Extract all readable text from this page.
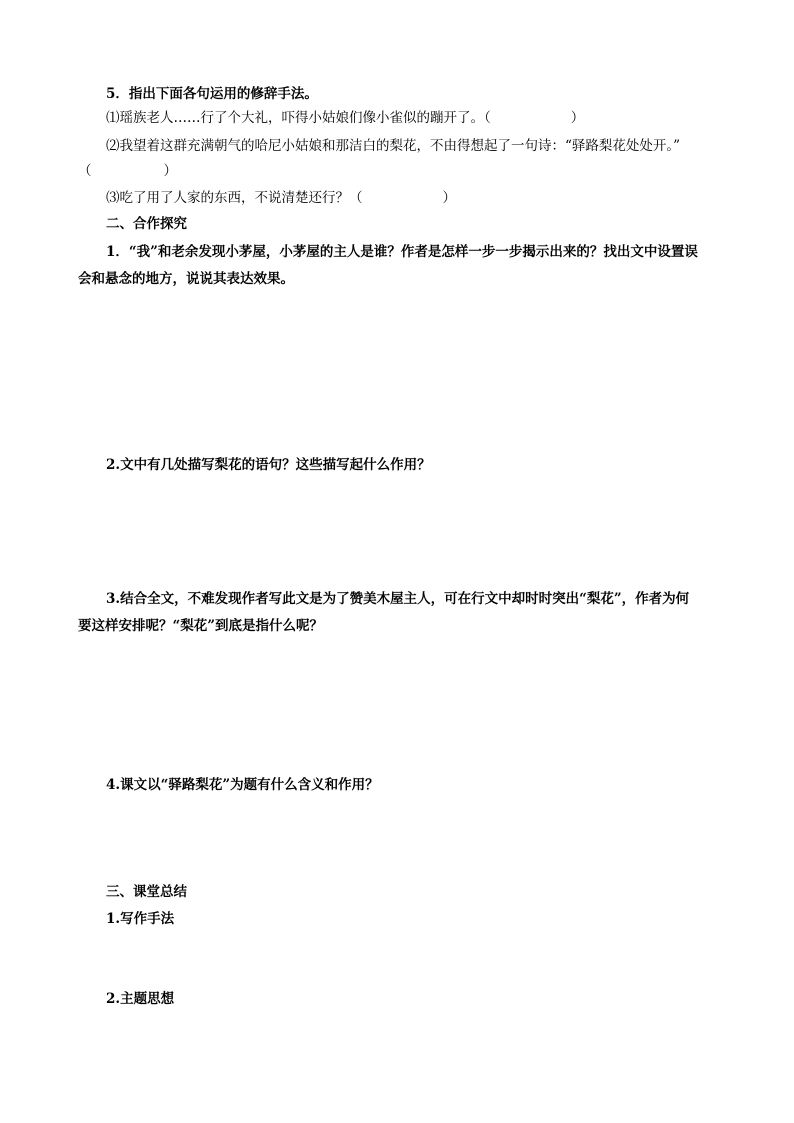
5．指出下面各句运用的修辞手法。
⑴瑶族老人……行了个大礼，吓得小姑娘们像小雀似的蹦开了。（	）
⑵我望着这群充满朝气的哈尼小姑娘和那洁白的梨花，不由得想起了一句诗：“驿路梨花处处开。”
（	）
⑶吃了用了人家的东西，不说清楚还行？（	）
二、合作探究
1．“我”和老余发现小茅屋，小茅屋的主人是谁？作者是怎样一步一步揭示出来的？找出文中设置误
会和悬念的地方，说说其表达效果。
2.文中有几处描写梨花的语句？这些描写起什么作用？
3.结合全文，不难发现作者写此文是为了赞美木屋主人，可在行文中却时时突出“梨花”，作者为何
要这样安排呢？“梨花”到底是指什么呢？
4.课文以“驿路梨花”为题有什么含义和作用？
三、课堂总结
1.写作手法
2.主题思想
